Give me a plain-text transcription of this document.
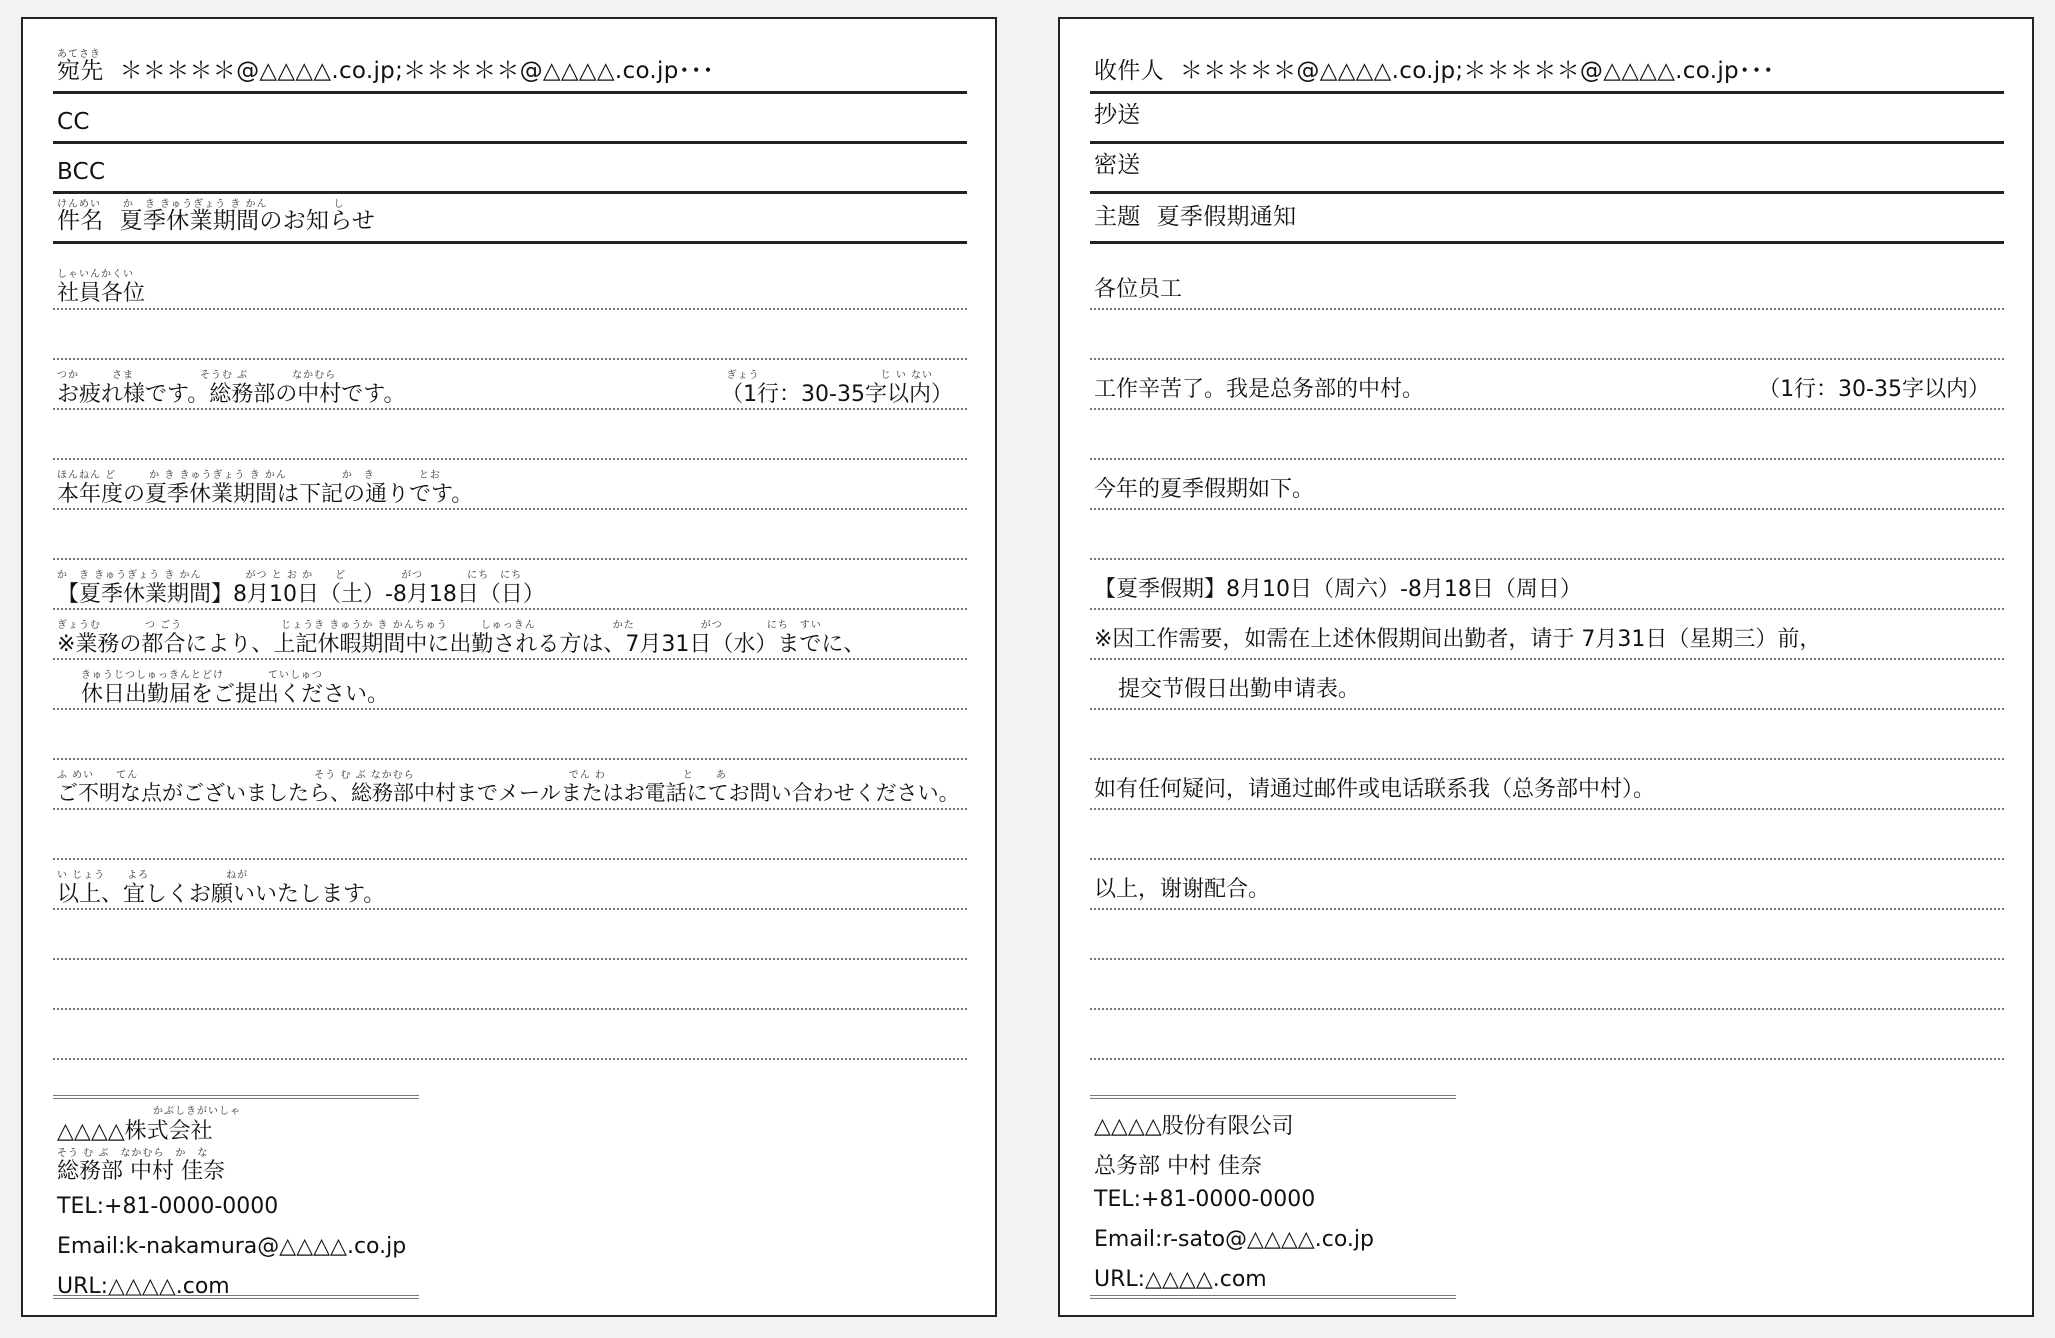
あてさき
宛先 ＊＊＊＊＊@△△△△.co.jp;＊＊＊＊＊@△△△△.co.jp･･･
CC
BCC
けんめい　　か　き きゅうぎょう き かん　　　　　　し
件名 夏季休業期間のお知らせ
しゃいんかくい
社員各位
つか　　　さま　　　　　　そうむ ぶ　　　　なかむら	ぎょう　　　　　　　　　　　じ い ない
お疲れ様です。総務部の中村です。	（1行：30-35字以内）
ほんねん ど　　　か き きゅうぎょう き かん　　　　　か　き　　　　とお
本年度の夏季休業期間は下記の通りです。
か　き きゅうぎょう き かん　　　　がつ と お か　　ど　　　　　がつ　　　　にち　にち
【夏季休業期間】8月10日（土）-8月18日（日）
ぎょうむ　　　　つ ごう　　　　　　　　　じょうき きゅうか き かんちゅう　　　しゅっきん　　　　　　　かた　　　　　　がつ　　　　にち　すい
※業務の都合により、上記休暇期間中に出勤される方は、7月31日（水）までに、
きゅうじつしゅっきんとどけ　　　　ていしゅつ
休日出勤届をご提出ください。
ふ めい　　てん　　　　　　　　　　　　　　　　そう む ぶ なかむら　　　　　　　　　　　　　　でん わ　　　　　　　と　　あ
ご不明な点がございましたら、総務部中村までメールまたはお電話にてお問い合わせください。
い じょう　　よろ　　　　　　　ねが
以上、宜しくお願いいたします。
かぶしきがいしゃ
△△△△株式会社
そう む ぶ　なかむら　か　な
総務部 中村 佳奈
TEL:+81-0000-0000
Email:k-nakamura@△△△△.co.jp
URL:△△△△.com
收件人 ＊＊＊＊＊@△△△△.co.jp;＊＊＊＊＊@△△△△.co.jp･･･
抄送
密送
主题 夏季假期通知
各位员工
工作辛苦了。我是总务部的中村。	（1行：30-35字以内）
今年的夏季假期如下。
【夏季假期】8月10日（周六）-8月18日（周日）
※因工作需要，如需在上述休假期间出勤者，请于 7月31日（星期三）前，
提交节假日出勤申请表。
如有任何疑问，请通过邮件或电话联系我（总务部中村）。
以上，谢谢配合。
△△△△股份有限公司
总务部 中村 佳奈
TEL:+81-0000-0000
Email:r-sato@△△△△.co.jp
URL:△△△△.com
